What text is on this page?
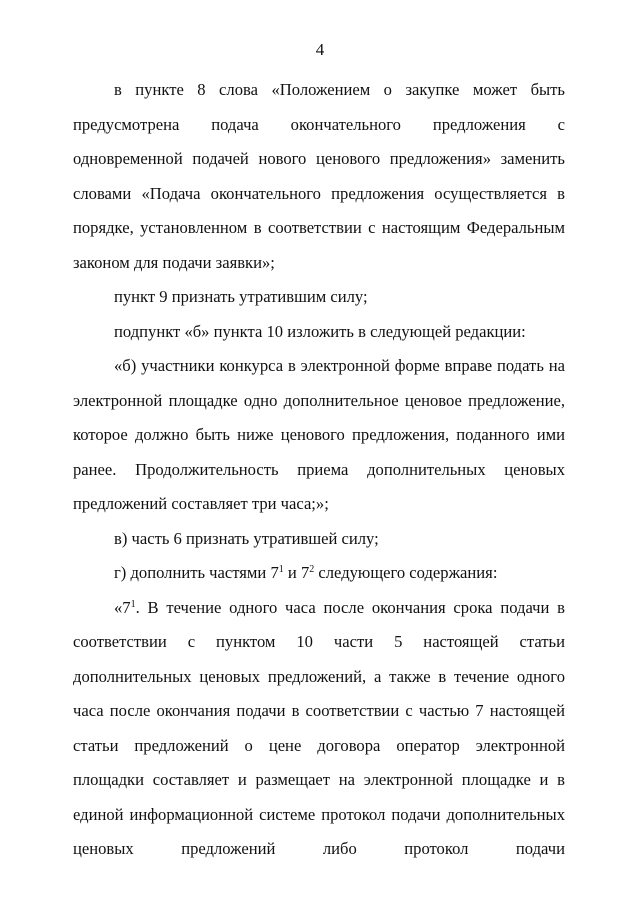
4

в пункте 8 слова «Положением о закупке может быть предусмотрена подача окончательного предложения с одновременной подачей нового ценового предложения» заменить словами «Подача окончательного предложения осуществляется в порядке, установленном в соответствии с настоящим Федеральным законом для подачи заявки»;

пункт 9 признать утратившим силу;

подпункт «б» пункта 10 изложить в следующей редакции:

«б) участники конкурса в электронной форме вправе подать на электронной площадке одно дополнительное ценовое предложение, которое должно быть ниже ценового предложения, поданного ими ранее. Продолжительность приема дополнительных ценовых предложений составляет три часа;»;

в) часть 6 признать утратившей силу;

г) дополнить частями $7^1$ и $7^2$ следующего содержания:

«$7^1$. В течение одного часа после окончания срока подачи в соответствии с пунктом 10 части 5 настоящей статьи дополнительных ценовых предложений, а также в течение одного часа после окончания подачи в соответствии с частью 7 настоящей статьи предложений о цене договора оператор электронной площадки составляет и размещает на электронной площадке и в единой информационной системе протокол подачи дополнительных ценовых предложений либо протокол подачи
